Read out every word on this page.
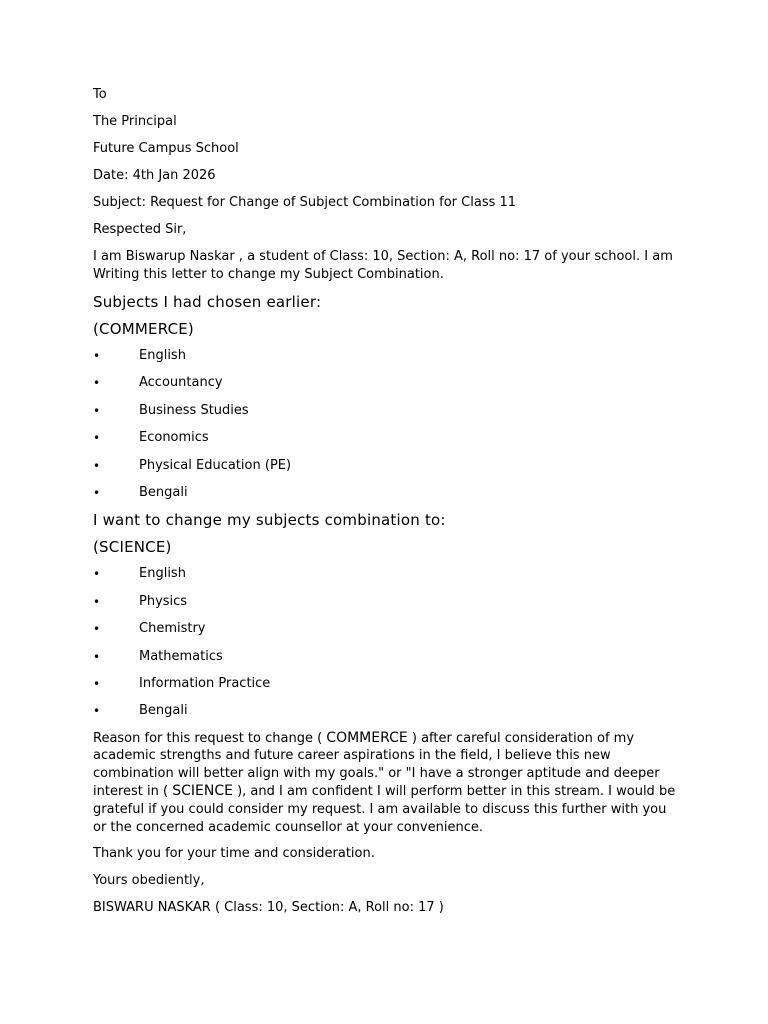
To

The Principal

Future Campus School

Date: 4th Jan 2026

Subject: Request for Change of Subject Combination for Class 11

Respected Sir,

I am Biswarup Naskar , a student of Class: 10, Section: A, Roll no: 17 of your school. I am Writing this letter to change my Subject Combination.

Subjects I had chosen earlier:

(COMMERCE)

•	English
•	Accountancy
•	Business Studies
•	Economics
•	Physical Education (PE)
•	Bengali

I want to change my subjects combination to:

(SCIENCE)

•	English
•	Physics
•	Chemistry
•	Mathematics
•	Information Practice
•	Bengali

Reason for this request to change ( COMMERCE ) after careful consideration of my academic strengths and future career aspirations in the field, I believe this new combination will better align with my goals." or "I have a stronger aptitude and deeper interest in ( SCIENCE ), and I am confident I will perform better in this stream. I would be grateful if you could consider my request. I am available to discuss this further with you or the concerned academic counsellor at your convenience.

Thank you for your time and consideration.

Yours obediently,

BISWARU NASKAR ( Class: 10, Section: A, Roll no: 17 )
